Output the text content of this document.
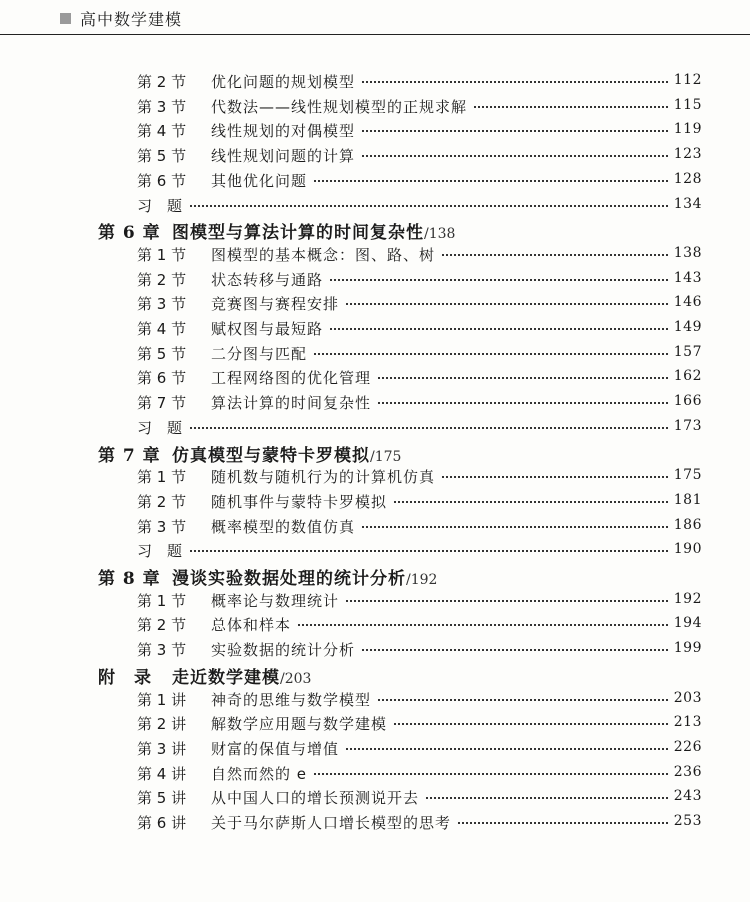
高中数学建模
第 2 节 优化问题的规划模型	112
第 3 节 代数法——线性规划模型的正规求解	115
第 4 节 线性规划的对偶模型	119
第 5 节 线性规划问题的计算	123
第 6 节 其他优化问题	128
习　题	134
第 6 章 图模型与算法计算的时间复杂性/138
第 1 节 图模型的基本概念：图、路、树	138
第 2 节 状态转移与通路	143
第 3 节 竞赛图与赛程安排	146
第 4 节 赋权图与最短路	149
第 5 节 二分图与匹配	157
第 6 节 工程网络图的优化管理	162
第 7 节 算法计算的时间复杂性	166
习　题	173
第 7 章 仿真模型与蒙特卡罗模拟/175
第 1 节 随机数与随机行为的计算机仿真	175
第 2 节 随机事件与蒙特卡罗模拟	181
第 3 节 概率模型的数值仿真	186
习　题	190
第 8 章 漫谈实验数据处理的统计分析/192
第 1 节 概率论与数理统计	192
第 2 节 总体和样本	194
第 3 节 实验数据的统计分析	199
附　录 走近数学建模/203
第 1 讲 神奇的思维与数学模型	203
第 2 讲 解数学应用题与数学建模	213
第 3 讲 财富的保值与增值	226
第 4 讲 自然而然的 e	236
第 5 讲 从中国人口的增长预测说开去	243
第 6 讲 关于马尔萨斯人口增长模型的思考	253
